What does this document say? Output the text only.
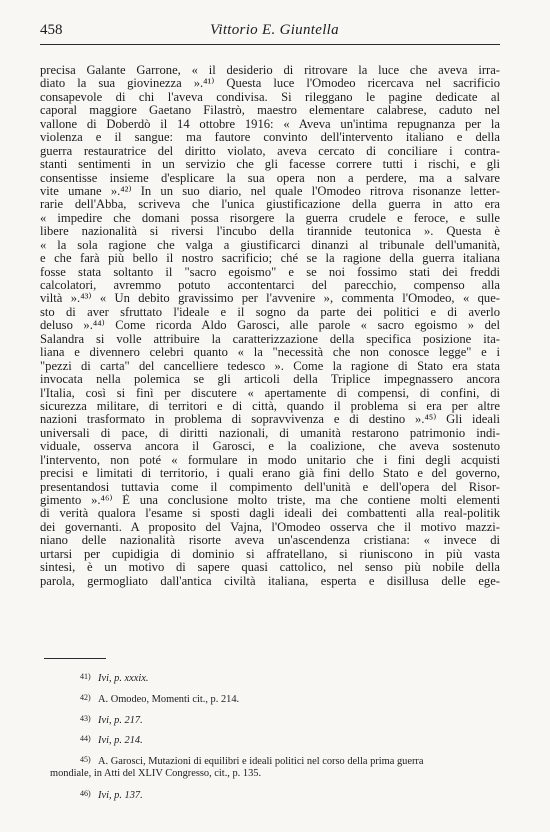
458	Vittorio E. Giuntella
precisa Galante Garrone, « il desiderio di ritrovare la luce che aveva irra-
diato la sua giovinezza ».⁴¹⁾ Questa luce l'Omodeo ricercava nel sacrificio
consapevole di chi l'aveva condivisa. Si rileggano le pagine dedicate al
caporal maggiore Gaetano Filastrò, maestro elementare calabrese, caduto nel
vallone di Doberdò il 14 ottobre 1916: « Aveva un'intima repugnanza per la
violenza e il sangue: ma fautore convinto dell'intervento italiano e della
guerra restauratrice del diritto violato, aveva cercato di conciliare i contra-
stanti sentimenti in un servizio che gli facesse correre tutti i rischi, e gli
consentisse insieme d'esplicare la sua opera non a perdere, ma a salvare
vite umane ».⁴²⁾ In un suo diario, nel quale l'Omodeo ritrova risonanze letter-
rarie dell'Abba, scriveva che l'unica giustificazione della guerra in atto era
« impedire che domani possa risorgere la guerra crudele e feroce, e sulle
libere nazionalità si riversi l'incubo della tirannide teutonica ». Questa è
« la sola ragione che valga a giustificarci dinanzi al tribunale dell'umanità,
e che farà più bello il nostro sacrificio; ché se la ragione della guerra italiana
fosse stata soltanto il "sacro egoismo" e se noi fossimo stati dei freddi
calcolatori, avremmo potuto accontentarci del parecchio, compenso alla
viltà ».⁴³⁾ « Un debito gravissimo per l'avvenire », commenta l'Omodeo, « que-
sto di aver sfruttato l'ideale e il sogno da parte dei politici e di averlo
deluso ».⁴⁴⁾ Come ricorda Aldo Garosci, alle parole « sacro egoismo » del
Salandra si volle attribuire la caratterizzazione della specifica posizione ita-
liana e divennero celebri quanto « la "necessità che non conosce legge" e i
"pezzi di carta" del cancelliere tedesco ». Come la ragione di Stato era stata
invocata nella polemica se gli articoli della Triplice impegnassero ancora
l'Italia, così si finì per discutere « apertamente di compensi, di confini, di
sicurezza militare, di territori e di città, quando il problema si era per altre
nazioni trasformato in problema di sopravvivenza e di destino ».⁴⁵⁾ Gli ideali
universali di pace, di diritti nazionali, di umanità restarono patrimonio indi-
viduale, osserva ancora il Garosci, e la coalizione, che aveva sostenuto
l'intervento, non poté « formulare in modo unitario che i fini degli acquisti
precisi e limitati di territorio, i quali erano già fini dello Stato e del governo,
presentandosi tuttavia come il compimento dell'unità e dell'opera del Risor-
gimento ».⁴⁶⁾ È una conclusione molto triste, ma che contiene molti elementi
di verità qualora l'esame si sposti dagli ideali dei combattenti alla real-politik
dei governanti. A proposito del Vajna, l'Omodeo osserva che il motivo mazzi-
niano delle nazionalità risorte aveva un'ascendenza cristiana: « invece di
urtarsi per cupidigia di dominio si affratellano, si riuniscono in più vasta
sintesi, è un motivo di sapere quasi cattolico, nel senso più nobile della
parola, germogliato dall'antica civiltà italiana, esperta e disillusa delle ege-
41) Ivi, p. xxxix.
42) A. Omodeo, Momenti cit., p. 214.
43) Ivi, p. 217.
44) Ivi, p. 214.
45) A. Garosci, Mutazioni di equilibri e ideali politici nel corso della prima guerra
mondiale, in Atti del XLIV Congresso, cit., p. 135.
46) Ivi, p. 137.
